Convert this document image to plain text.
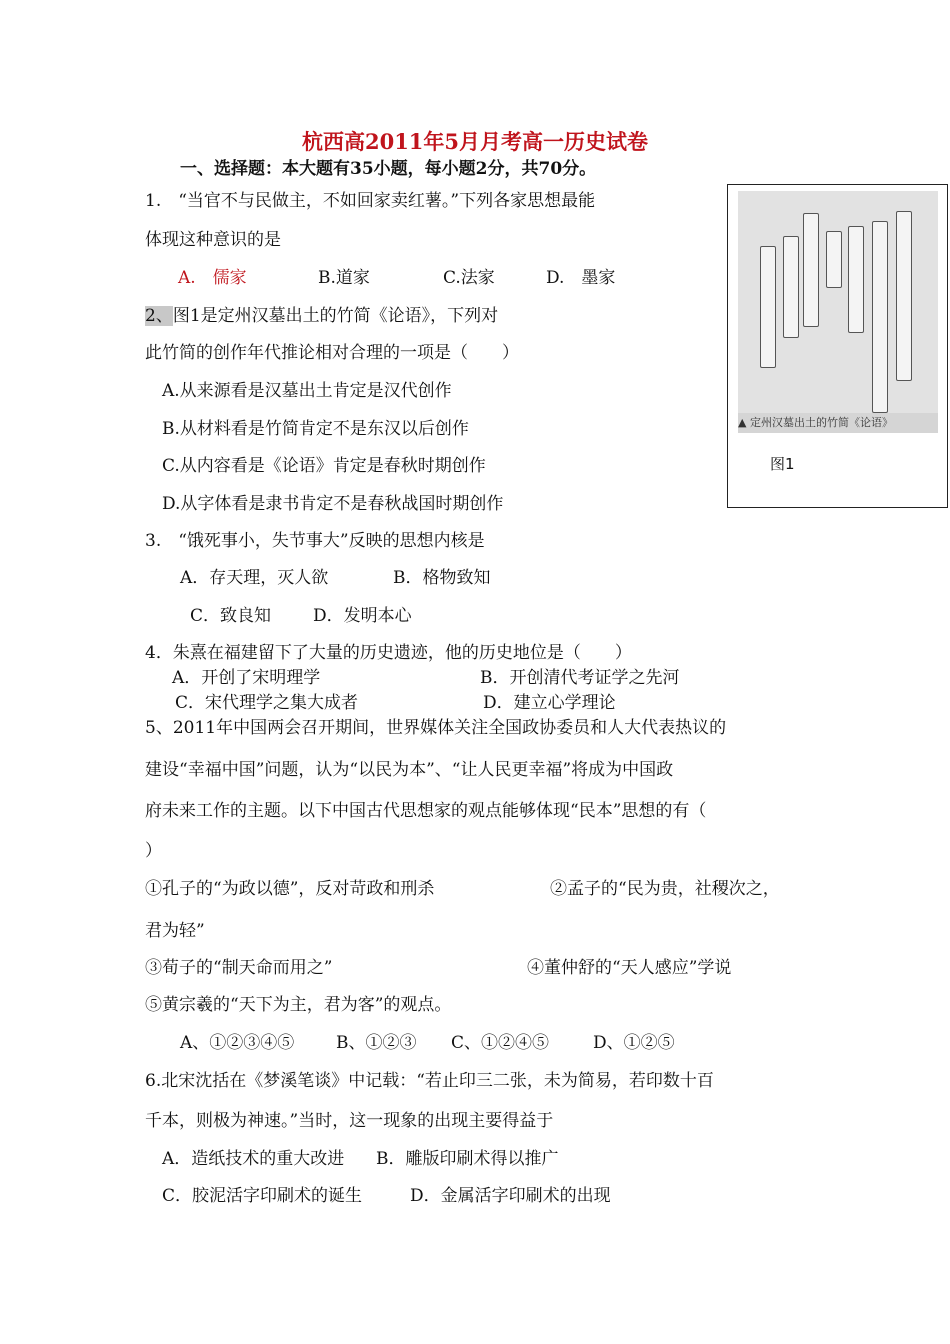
杭西高2011年5月月考高一历史试卷
一、选择题：本大题有35小题，每小题2分，共70分。
1.　“当官不与民做主，不如回家卖红薯。”下列各家思想最能
体现这种意识的是
A.　儒家	B.道家	C.法家	D.　墨家
2、图1是定州汉墓出土的竹简《论语》，下列对
此竹简的创作年代推论相对合理的一项是（　　）
A.从来源看是汉墓出土肯定是汉代创作
B.从材料看是竹简肯定不是东汉以后创作
C.从内容看是《论语》肯定是春秋时期创作
D.从字体看是隶书肯定不是春秋战国时期创作
▲ 定州汉墓出土的竹简《论语》
图1
3.　“饿死事小，失节事大”反映的思想内核是
A．存天理，灭人欲	B．格物致知
C．致良知 D．发明本心
4．朱熹在福建留下了大量的历史遗迹，他的历史地位是（　　）
A．开创了宋明理学	B．开创清代考证学之先河
C．宋代理学之集大成者	D．建立心学理论
5、2011年中国两会召开期间，世界媒体关注全国政协委员和人大代表热议的
建设“幸福中国”问题，认为“以民为本”、“让人民更幸福”将成为中国政
府未来工作的主题。以下中国古代思想家的观点能够体现“民本”思想的有（
）
①孔子的“为政以德”，反对苛政和刑杀	②孟子的“民为贵，社稷次之，
君为轻”
③荀子的“制天命而用之”	④董仲舒的“天人感应”学说
⑤黄宗羲的“天下为主，君为客”的观点。
A、①②③④⑤ B、①②③ C、①②④⑤	D、①②⑤
6.北宋沈括在《梦溪笔谈》中记载：“若止印三二张，未为简易，若印数十百
千本，则极为神速。”当时，这一现象的出现主要得益于
A．造纸技术的重大改进 B．雕版印刷术得以推广
C．胶泥活字印刷术的诞生	D．金属活字印刷术的出现
